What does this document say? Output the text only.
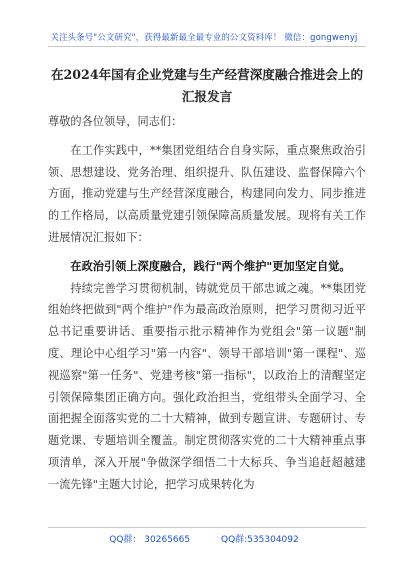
关注头条号"公文研究"，获得最新最全最专业的公文资料库！ 微信：gongwenyj
在2024年国有企业党建与生产经营深度融合推进会上的汇报发言

尊敬的各位领导，同志们：

在工作实践中，**集团党组结合自身实际，重点聚焦政治引领、思想建设、党务治理、组织提升、队伍建设、监督保障六个方面，推动党建与生产经营深度融合，构建同向发力、同步推进的工作格局，以高质量党建引领保障高质量发展。现将有关工作进展情况汇报如下：

在政治引领上深度融合，践行"两个维护"更加坚定自觉。

持续完善学习贯彻机制，铸就党员干部忠诚之魂。**集团党组始终把做到"两个维护"作为最高政治原则，把学习贯彻习近平总书记重要讲话、重要指示批示精神作为党组会"第一议题"制度、理论中心组学习"第一内容"、领导干部培训"第一课程"、巡视巡察"第一任务"、党建考核"第一指标"，以政治上的清醒坚定引领保障集团正确方向。强化政治担当，党组带头全面学习、全面把握全面落实党的二十大精神，做到专题宣讲、专题研讨、专题党课、专题培训全覆盖。制定贯彻落实党的二十大精神重点事项清单，深入开展"争做深学细悟二十大标兵、争当追赶超越建一流先锋"主题大讨论，把学习成果转化为

QQ群： 30265665	QQ群:535304092
